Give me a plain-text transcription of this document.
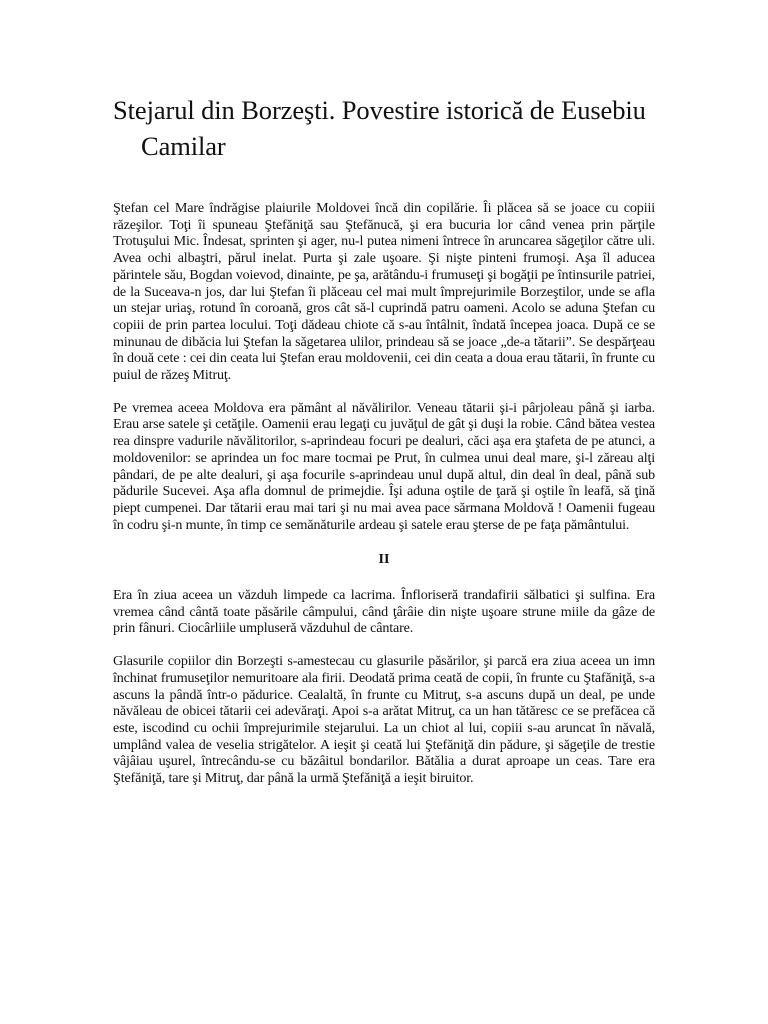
Stejarul din Borzeşti. Povestire istorică de Eusebiu Camilar

Ştefan cel Mare îndrăgise plaiurile Moldovei încă din copilărie. Îi plăcea să se joace cu copiii răzeşilor. Toţi îi spuneau Ştefăniţă sau Ştefănucă, şi era bucuria lor când venea prin părţile Trotuşului Mic. Îndesat, sprinten şi ager, nu-l putea nimeni întrece în aruncarea săgeţilor către uli. Avea ochi albaştri, părul inelat. Purta şi zale uşoare. Şi nişte pinteni frumoşi. Aşa îl aducea părintele său, Bogdan voievod, dinainte, pe şa, arătându-i frumuseţi şi bogăţii pe întinsurile patriei, de la Suceava-n jos, dar lui Ştefan îi plăceau cel mai mult împrejurimile Borzeştilor, unde se afla un stejar uriaş, rotund în coroană, gros cât să-l cuprindă patru oameni. Acolo se aduna Ştefan cu copiii de prin partea locului. Toţi dădeau chiote că s-au întâlnit, îndată începea joaca. După ce se minunau de dibăcia lui Ştefan la săgetarea ulilor, prindeau să se joace „de-a tătarii”. Se despărţeau în două cete : cei din ceata lui Ştefan erau moldovenii, cei din ceata a doua erau tătarii, în frunte cu puiul de răzeş Mitruţ.

Pe vremea aceea Moldova era pământ al năvălirilor. Veneau tătarii şi-i pârjoleau până şi iarba. Erau arse satele şi cetăţile. Oamenii erau legaţi cu juvăţul de gât şi duşi la robie. Când bătea vestea rea dinspre vadurile năvălitorilor, s-aprindeau focuri pe dealuri, căci aşa era ştafeta de pe atunci, a moldovenilor: se aprindea un foc mare tocmai pe Prut, în culmea unui deal mare, şi-l zăreau alţi pândari, de pe alte dealuri, şi aşa focurile s-aprindeau unul după altul, din deal în deal, până sub pădurile Sucevei. Aşa afla domnul de primejdie. Îşi aduna oştile de ţară şi oştile în leafă, să ţină piept cumpenei. Dar tătarii erau mai tari şi nu mai avea pace sărmana Moldovă ! Oamenii fugeau în codru şi-n munte, în timp ce semănăturile ardeau şi satele erau şterse de pe faţa pământului.

II

Era în ziua aceea un văzduh limpede ca lacrima. Înfloriseră trandafirii sălbatici şi sulfina. Era vremea când cântă toate păsările câmpului, când ţârâie din nişte uşoare strune miile da gâze de prin fânuri. Ciocârliile umpluseră văzduhul de cântare.

Glasurile copiilor din Borzeşti s-amestecau cu glasurile păsărilor, şi parcă era ziua aceea un imn închinat frumuseţilor nemuritoare ala firii. Deodată prima ceată de copii, în frunte cu Ştafăniţă, s-a ascuns la pândă într-o pădurice. Cealaltă, în frunte cu Mitruţ, s-a ascuns după un deal, pe unde năvăleau de obicei tătarii cei adevăraţi. Apoi s-a arătat Mitruţ, ca un han tătăresc ce se prefăcea că este, iscodind cu ochii împrejurimile stejarului. La un chiot al lui, copiii s-au aruncat în năvală, umplând valea de veselia strigătelor. A ieşit şi ceată lui Ştefăniţă din pădure, şi săgeţile de trestie vâjâiau uşurel, întrecându-se cu băzâitul bondarilor. Bătălia a durat aproape un ceas. Tare era Ştefăniţă, tare şi Mitruţ, dar până la urmă Ştefăniţă a ieşit biruitor.
